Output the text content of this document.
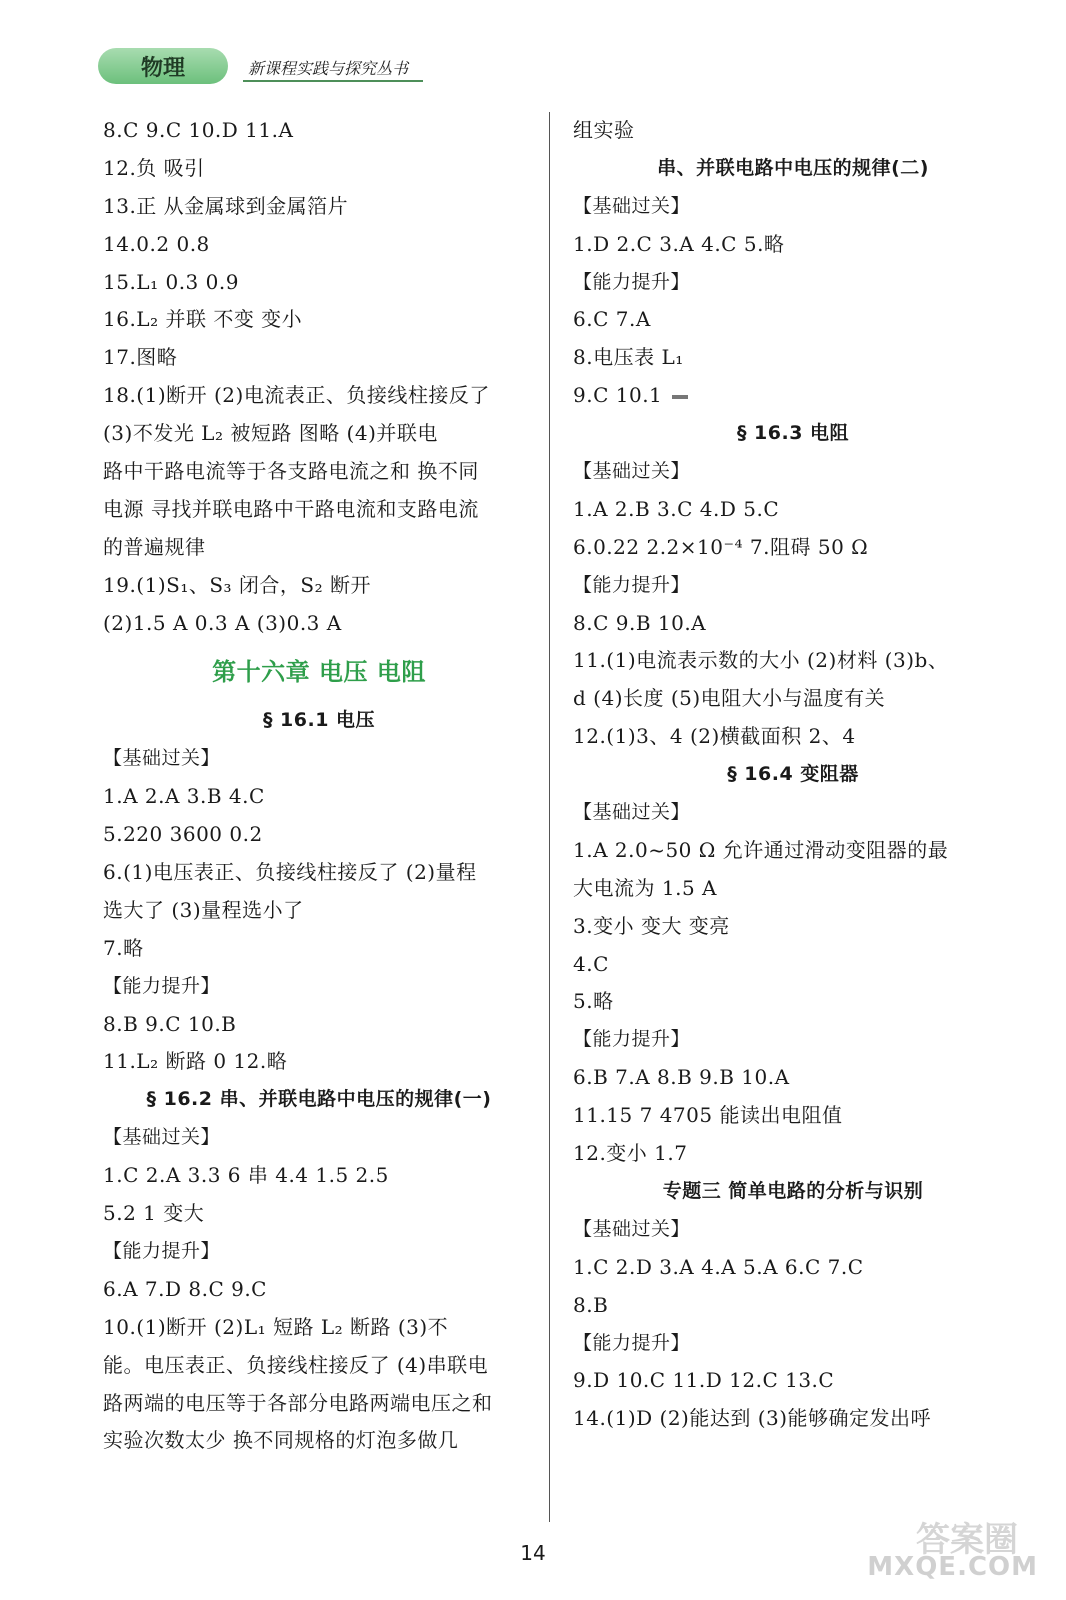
物理	新课程实践与探究丛书
8.C 9.C 10.D 11.A
12.负 吸引
13.正 从金属球到金属箔片
14.0.2 0.8
15.L₁ 0.3 0.9
16.L₂ 并联 不变 变小
17.图略
18.(1)断开 (2)电流表正、负接线柱接反了
(3)不发光 L₂ 被短路 图略 (4)并联电
路中干路电流等于各支路电流之和 换不同
电源 寻找并联电路中干路电流和支路电流
的普遍规律
19.(1)S₁、S₃ 闭合，S₂ 断开
(2)1.5 A 0.3 A (3)0.3 A
第十六章 电压 电阻
§ 16.1 电压
【基础过关】
1.A 2.A 3.B 4.C
5.220 3600 0.2
6.(1)电压表正、负接线柱接反了 (2)量程
选大了 (3)量程选小了
7.略
【能力提升】
8.B 9.C 10.B
11.L₂ 断路 0 12.略
§ 16.2 串、并联电路中电压的规律(一)
【基础过关】
1.C 2.A 3.3 6 串 4.4 1.5 2.5
5.2 1 变大
【能力提升】
6.A 7.D 8.C 9.C
10.(1)断开 (2)L₁ 短路 L₂ 断路 (3)不
能。电压表正、负接线柱接反了 (4)串联电
路两端的电压等于各部分电路两端电压之和
实验次数太少 换不同规格的灯泡多做几
组实验
串、并联电路中电压的规律(二)
【基础过关】
1.D 2.C 3.A 4.C 5.略
【能力提升】
6.C 7.A
8.电压表 L₁
9.C 10.1
§ 16.3 电阻
【基础过关】
1.A 2.B 3.C 4.D 5.C
6.0.22 2.2×10⁻⁴ 7.阻碍 50 Ω
【能力提升】
8.C 9.B 10.A
11.(1)电流表示数的大小 (2)材料 (3)b、
d (4)长度 (5)电阻大小与温度有关
12.(1)3、4 (2)横截面积 2、4
§ 16.4 变阻器
【基础过关】
1.A 2.0~50 Ω 允许通过滑动变阻器的最
大电流为 1.5 A
3.变小 变大 变亮
4.C
5.略
【能力提升】
6.B 7.A 8.B 9.B 10.A
11.15 7 4705 能读出电阻值
12.变小 1.7
专题三 简单电路的分析与识别
【基础过关】
1.C 2.D 3.A 4.A 5.A 6.C 7.C
8.B
【能力提升】
9.D 10.C 11.D 12.C 13.C
14.(1)D (2)能达到 (3)能够确定发出呼
14	答案圈
MXQE.COM
